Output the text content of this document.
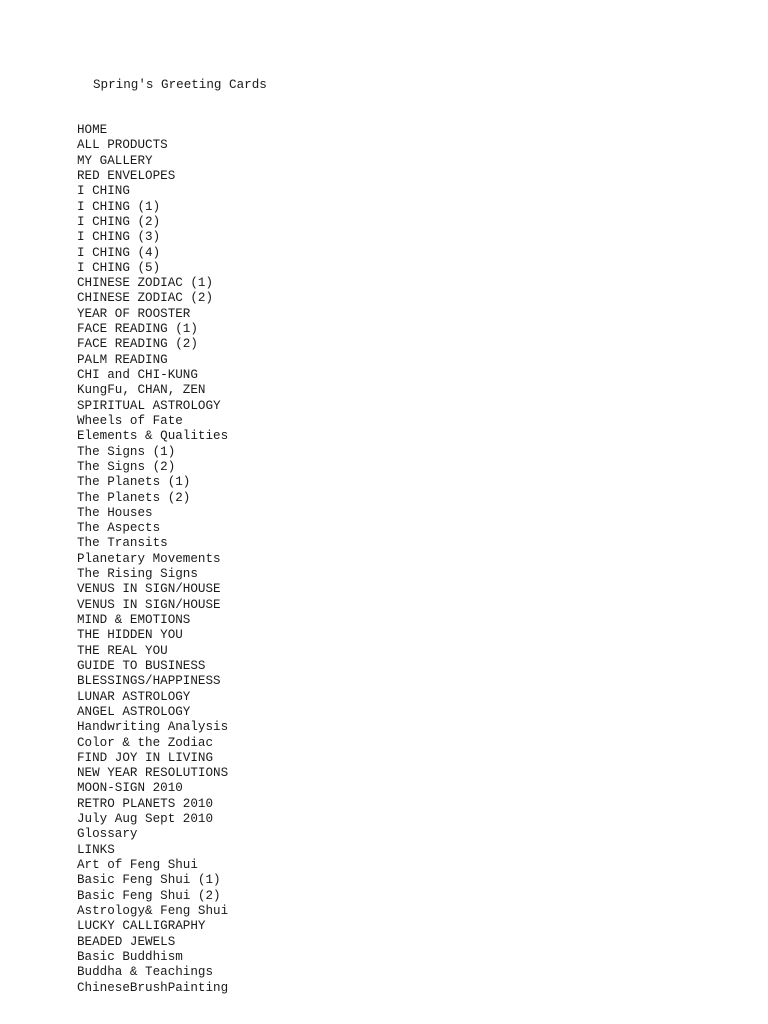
Spring's Greeting Cards
HOME
ALL PRODUCTS
MY GALLERY
RED ENVELOPES
I CHING
I CHING (1)
I CHING (2)
I CHING (3)
I CHING (4)
I CHING (5)
CHINESE ZODIAC (1)
CHINESE ZODIAC (2)
YEAR OF ROOSTER
FACE READING (1)
FACE READING (2)
PALM READING
CHI and CHI-KUNG
KungFu, CHAN, ZEN
SPIRITUAL ASTROLOGY
Wheels of Fate
Elements & Qualities
The Signs (1)
The Signs (2)
The Planets (1)
The Planets (2)
The Houses
The Aspects
The Transits
Planetary Movements
The Rising Signs
VENUS IN SIGN/HOUSE
VENUS IN SIGN/HOUSE
MIND & EMOTIONS
THE HIDDEN YOU
THE REAL YOU
GUIDE TO BUSINESS
BLESSINGS/HAPPINESS
LUNAR ASTROLOGY
ANGEL ASTROLOGY
Handwriting Analysis
Color & the Zodiac
FIND JOY IN LIVING
NEW YEAR RESOLUTIONS
MOON-SIGN 2010
RETRO PLANETS 2010
July Aug Sept 2010
Glossary
LINKS
Art of Feng Shui
Basic Feng Shui (1)
Basic Feng Shui (2)
Astrology& Feng Shui
LUCKY CALLIGRAPHY
BEADED JEWELS
Basic Buddhism
Buddha & Teachings
ChineseBrushPainting
